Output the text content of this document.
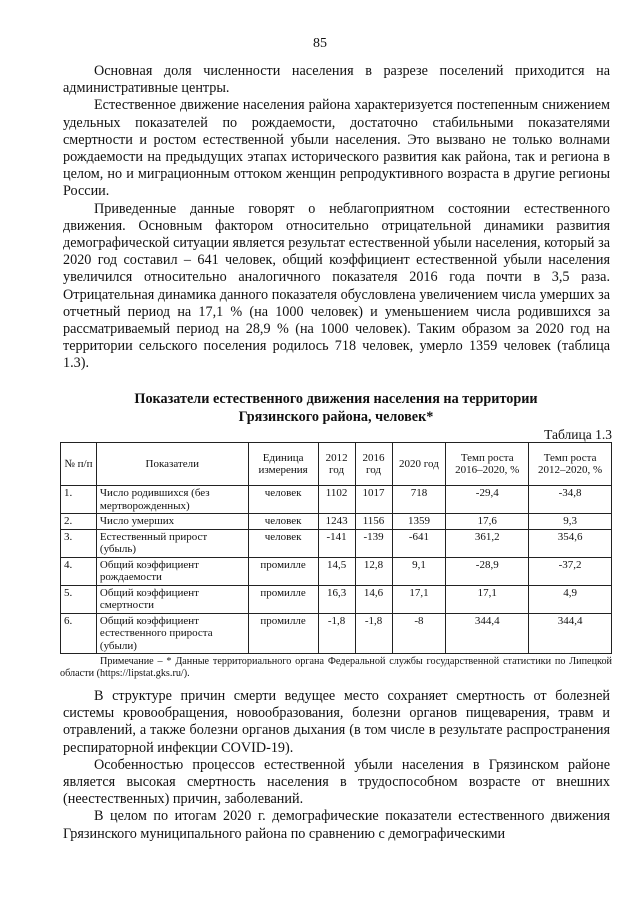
85

Основная доля численности населения в разрезе поселений приходится на административные центры.

Естественное движение населения района характеризуется постепенным снижением удельных показателей по рождаемости, достаточно стабильными показателями смертности и ростом естественной убыли населения. Это вызвано не только волнами рождаемости на предыдущих этапах исторического развития как района, так и региона в целом, но и миграционным оттоком женщин репродуктивного возраста в другие регионы России.

Приведенные данные говорят о неблагоприятном состоянии естественного движения. Основным фактором относительно отрицательной динамики развития демографической ситуации является результат естественной убыли населения, который за 2020 год составил – 641 человек, общий коэффициент естественной убыли населения увеличился относительно аналогичного показателя 2016 года почти в 3,5 раза. Отрицательная динамика данного показателя обусловлена увеличением числа умерших за отчетный период на 17,1 % (на 1000 человек) и уменьшением числа родившихся за рассматриваемый период на 28,9 % (на 1000 человек). Таким образом за 2020 год на территории сельского поселения родилось 718 человек, умерло 1359 человек (таблица 1.3).

Показатели естественного движения населения на территории
Грязинского района, человек*
Таблица 1.3
№ п/п	Показатели	Единица измерения	2012 год	2016 год	2020 год	Темп роста 2016–2020, %	Темп роста 2012–2020, %
1.	Число родившихся (без мертворожденных)	человек	1102	1017	718	-29,4	-34,8
2.	Число умерших	человек	1243	1156	1359	17,6	9,3
3.	Естественный прирост (убыль)	человек	-141	-139	-641	361,2	354,6
4.	Общий коэффициент рождаемости	промилле	14,5	12,8	9,1	-28,9	-37,2
5.	Общий коэффициент смертности	промилле	16,3	14,6	17,1	17,1	4,9
6.	Общий коэффициент естественного прироста (убыли)	промилле	-1,8	-1,8	-8	344,4	344,4
Примечание – * Данные территориального органа Федеральной службы государственной статистики по Липецкой области (https://lipstat.gks.ru/).

В структуре причин смерти ведущее место сохраняет смертность от болезней системы кровообращения, новообразования, болезни органов пищеварения, травм и отравлений, а также болезни органов дыхания (в том числе в результате распространения респираторной инфекции COVID-19).

Особенностью процессов естественной убыли населения в Грязинском районе является высокая смертность населения в трудоспособном возрасте от внешних (неестественных) причин, заболеваний.

В целом по итогам 2020 г. демографические показатели естественного движения Грязинского муниципального района по сравнению с демографическими
